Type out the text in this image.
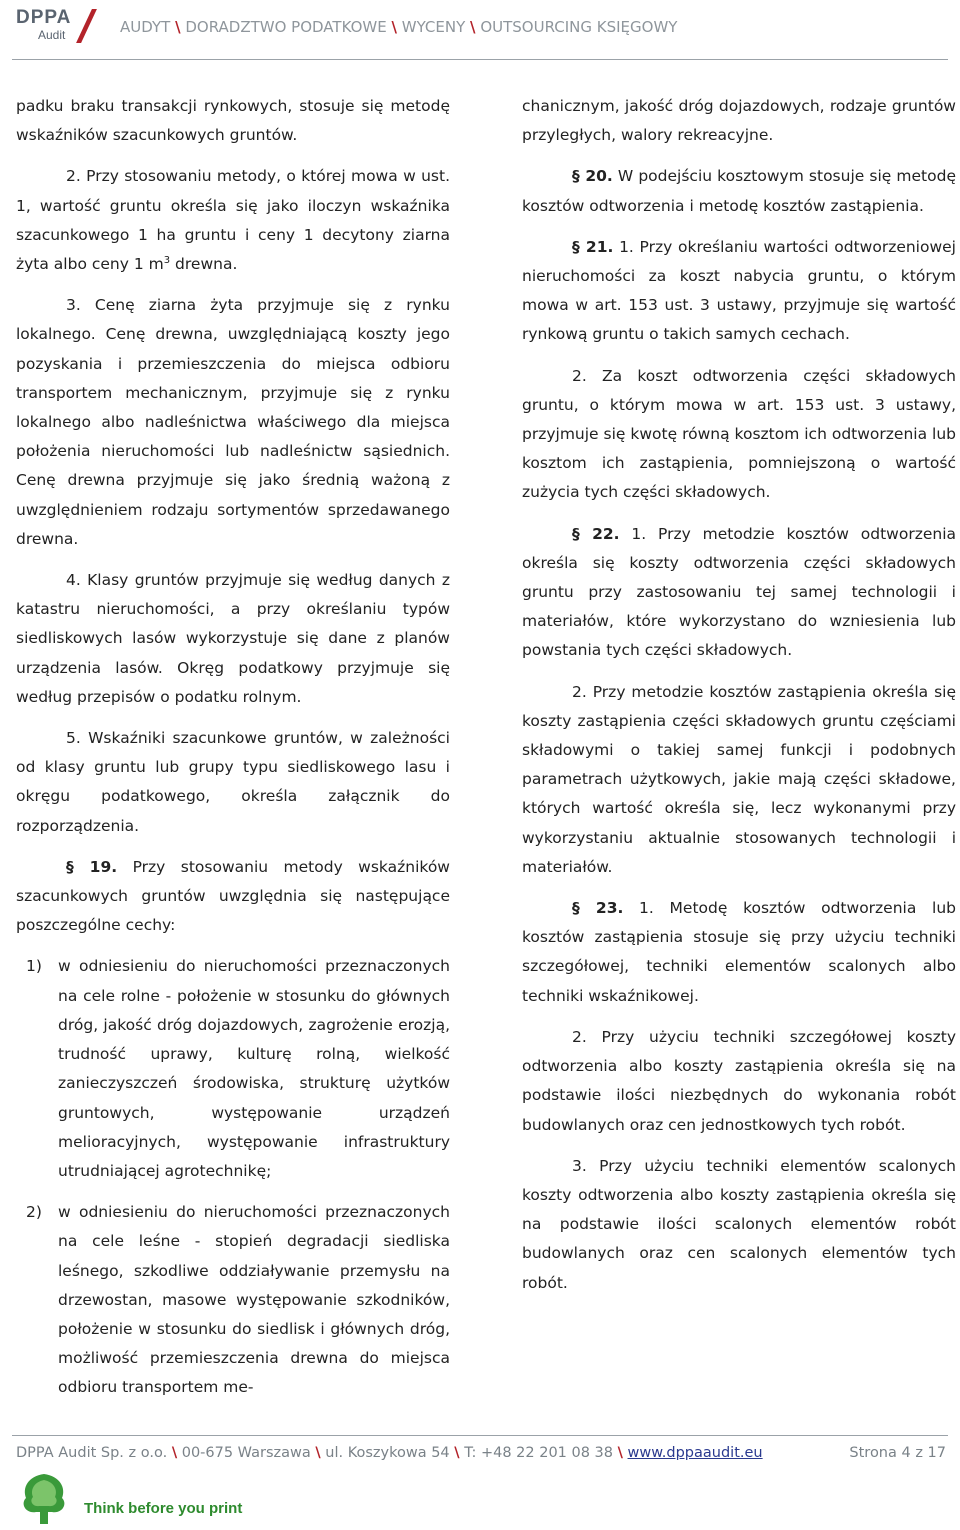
DPPA
Audit	AUDYT \ DORADZTWO PODATKOWE \ WYCENY \ OUTSOURCING KSIĘGOWY

padku braku transakcji rynkowych, stosuje się metodę wskaźników szacunkowych gruntów.

2. Przy stosowaniu metody, o której mowa w ust. 1, wartość gruntu określa się jako iloczyn wskaźnika szacunkowego 1 ha gruntu i ceny 1 decytony ziarna żyta albo ceny 1 $m^3$ drewna.

3. Cenę ziarna żyta przyjmuje się z rynku lokalnego. Cenę drewna, uwzględniającą koszty jego pozyskania i przemieszczenia do miejsca odbioru transportem mechanicznym, przyjmuje się z rynku lokalnego albo nadleśnictwa właściwego dla miejsca położenia nieruchomości lub nadleśnictw sąsiednich. Cenę drewna przyjmuje się jako średnią ważoną z uwzględnieniem rodzaju sortymentów sprzedawanego drewna.

4. Klasy gruntów przyjmuje się według danych z katastru nieruchomości, a przy określaniu typów siedliskowych lasów wykorzystuje się dane z planów urządzenia lasów. Okręg podatkowy przyjmuje się według przepisów o podatku rolnym.

5. Wskaźniki szacunkowe gruntów, w zależności od klasy gruntu lub grupy typu siedliskowego lasu i okręgu podatkowego, określa załącznik do rozporządzenia.

§ 19. Przy stosowaniu metody wskaźników szacunkowych gruntów uwzględnia się następujące poszczególne cechy:

1) w odniesieniu do nieruchomości przeznaczonych na cele rolne - położenie w stosunku do głównych dróg, jakość dróg dojazdowych, zagrożenie erozją, trudność uprawy, kulturę rolną, wielkość zanieczyszczeń środowiska, strukturę użytków gruntowych, występowanie urządzeń melioracyjnych, występowanie infrastruktury utrudniającej agrotechnikę;
2) w odniesieniu do nieruchomości przeznaczonych na cele leśne - stopień degradacji siedliska leśnego, szkodliwe oddziaływanie przemysłu na drzewostan, masowe występowanie szkodników, położenie w stosunku do siedlisk i głównych dróg, możliwość przemieszczenia drewna do miejsca odbioru transportem me-

chanicznym, jakość dróg dojazdowych, rodzaje gruntów przyległych, walory rekreacyjne.

§ 20. W podejściu kosztowym stosuje się metodę kosztów odtworzenia i metodę kosztów zastąpienia.

§ 21. 1. Przy określaniu wartości odtworzeniowej nieruchomości za koszt nabycia gruntu, o którym mowa w art. 153 ust. 3 ustawy, przyjmuje się wartość rynkową gruntu o takich samych cechach.

2. Za koszt odtworzenia części składowych gruntu, o którym mowa w art. 153 ust. 3 ustawy, przyjmuje się kwotę równą kosztom ich odtworzenia lub kosztom ich zastąpienia, pomniejszoną o wartość zużycia tych części składowych.

§ 22. 1. Przy metodzie kosztów odtworzenia określa się koszty odtworzenia części składowych gruntu przy zastosowaniu tej samej technologii i materiałów, które wykorzystano do wzniesienia lub powstania tych części składowych.

2. Przy metodzie kosztów zastąpienia określa się koszty zastąpienia części składowych gruntu częściami składowymi o takiej samej funkcji i podobnych parametrach użytkowych, jakie mają części składowe, których wartość określa się, lecz wykonanymi przy wykorzystaniu aktualnie stosowanych technologii i materiałów.

§ 23. 1. Metodę kosztów odtworzenia lub kosztów zastąpienia stosuje się przy użyciu techniki szczegółowej, techniki elementów scalonych albo techniki wskaźnikowej.

2. Przy użyciu techniki szczegółowej koszty odtworzenia albo koszty zastąpienia określa się na podstawie ilości niezbędnych do wykonania robót budowlanych oraz cen jednostkowych tych robót.

3. Przy użyciu techniki elementów scalonych koszty odtworzenia albo koszty zastąpienia określa się na podstawie ilości scalonych elementów robót budowlanych oraz cen scalonych elementów tych robót.

DPPA Audit Sp. z o.o. \ 00-675 Warszawa \ ul. Koszykowa 54 \ T: +48 22 201 08 38 \ www.dppaaudit.eu	Strona 4 z 17
Think before you print
